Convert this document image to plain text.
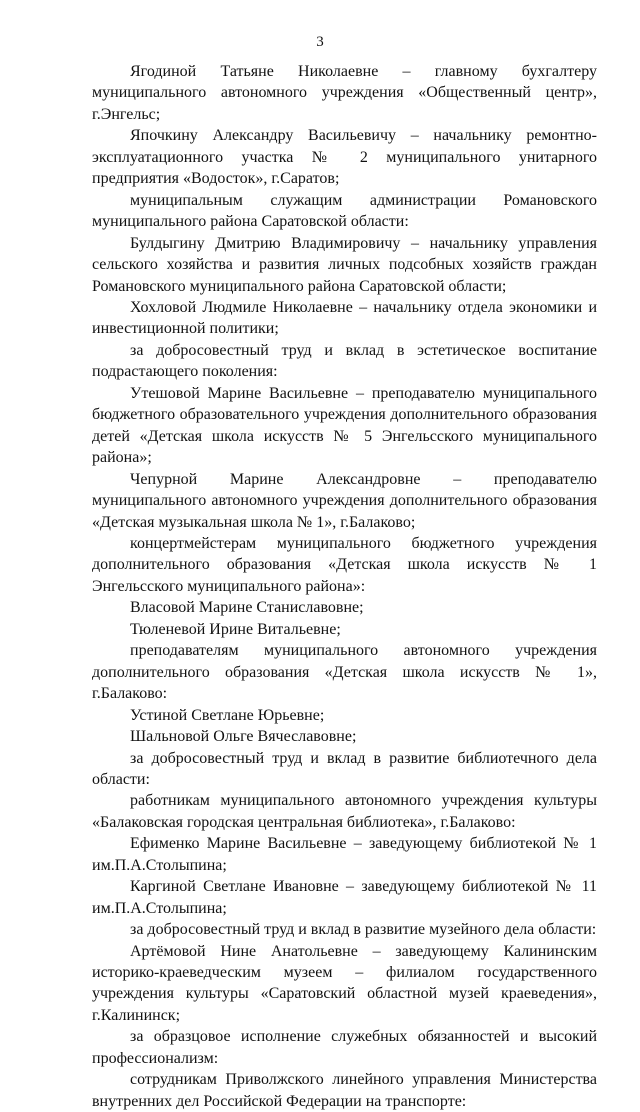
3

Ягодиной Татьяне Николаевне – главному бухгалтеру муниципального автономного учреждения «Общественный центр», г.Энгельс;

Япочкину Александру Васильевичу – начальнику ремонтно-эксплуатационного участка № 2 муниципального унитарного предприятия «Водосток», г.Саратов;

муниципальным служащим администрации Романовского муниципального района Саратовской области:

Булдыгину Дмитрию Владимировичу – начальнику управления сельского хозяйства и развития личных подсобных хозяйств граждан Романовского муниципального района Саратовской области;

Хохловой Людмиле Николаевне – начальнику отдела экономики и инвестиционной политики;

за добросовестный труд и вклад в эстетическое воспитание подрастающего поколения:

Утешовой Марине Васильевне – преподавателю муниципального бюджетного образовательного учреждения дополнительного образования детей «Детская школа искусств № 5 Энгельсского муниципального района»;

Чепурной Марине Александровне – преподавателю муниципального автономного учреждения дополнительного образования «Детская музыкальная школа № 1», г.Балаково;

концертмейстерам муниципального бюджетного учреждения дополнительного образования «Детская школа искусств № 1 Энгельсского муниципального района»:

Власовой Марине Станиславовне;

Тюленевой Ирине Витальевне;

преподавателям муниципального автономного учреждения дополнительного образования «Детская школа искусств № 1», г.Балаково:

Устиной Светлане Юрьевне;

Шальновой Ольге Вячеславовне;

за добросовестный труд и вклад в развитие библиотечного дела области:

работникам муниципального автономного учреждения культуры «Балаковская городская центральная библиотека», г.Балаково:

Ефименко Марине Васильевне – заведующему библиотекой № 1 им.П.А.Столыпина;

Каргиной Светлане Ивановне – заведующему библиотекой № 11 им.П.А.Столыпина;

за добросовестный труд и вклад в развитие музейного дела области:

Артёмовой Нине Анатольевне – заведующему Калининским историко-краеведческим музеем – филиалом государственного учреждения культуры «Саратовский областной музей краеведения», г.Калининск;

за образцовое исполнение служебных обязанностей и высокий профессионализм:

сотрудникам Приволжского линейного управления Министерства внутренних дел Российской Федерации на транспорте:
